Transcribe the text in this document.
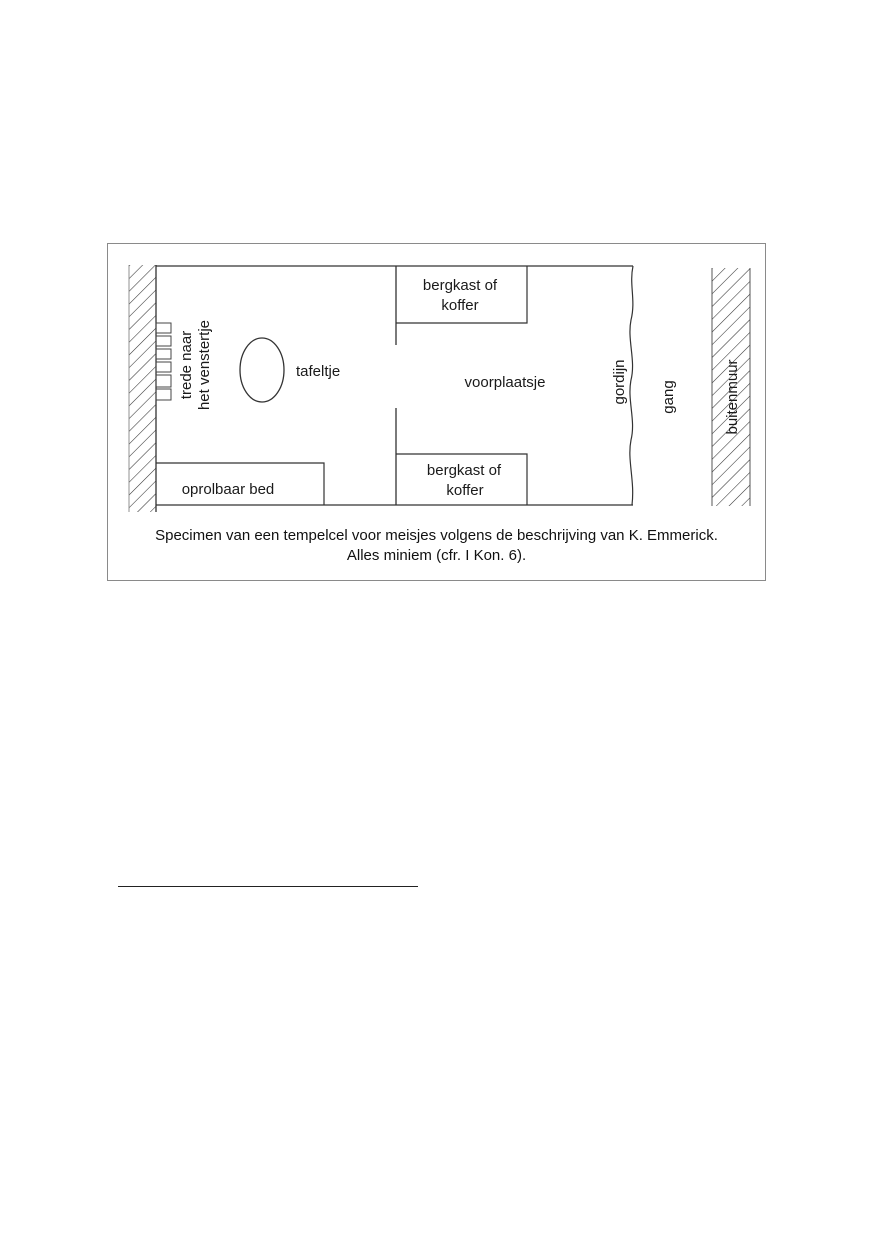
trede naar het venstertje	tafeltje
bergkast of
koffer
voorplaatsje	gordijn gang	buitenmuur
oprolbaar bed
bergkast of
koffer
Specimen van een tempelcel voor meisjes volgens de beschrijving van K. Emmerick.
Alles miniem (cfr. I Kon. 6).
